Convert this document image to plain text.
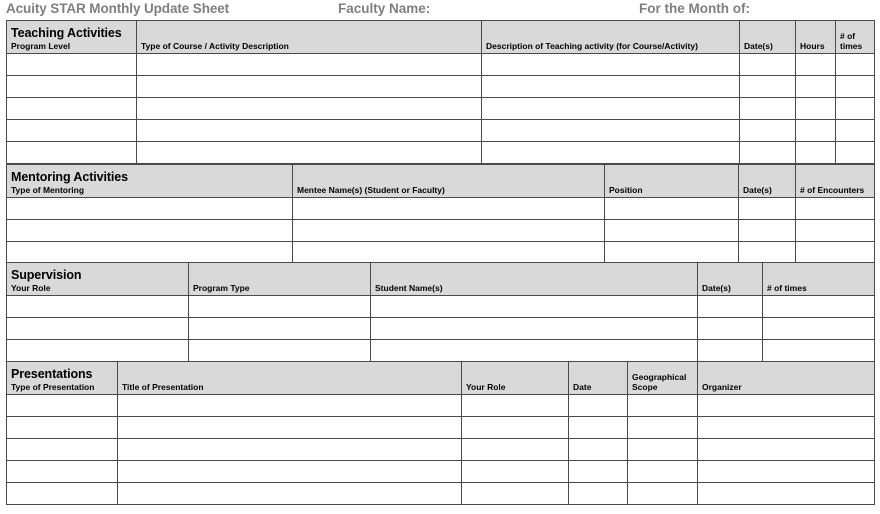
Acuity STAR Monthly Update Sheet	Faculty Name:	For the Month of:
Teaching Activities
Program Level	Type of Course / Activity Description	Description of Teaching activity (for Course/Activity)	Date(s)	Hours	# of times

Mentoring Activities
Type of Mentoring	Mentee Name(s) (Student or Faculty)	Position	Date(s)	# of Encounters

Supervision
Your Role	Program Type	Student Name(s)	Date(s)	# of times

Presentations
Type of Presentation	Title of Presentation	Your Role	Date	Geographical Scope	Organizer
